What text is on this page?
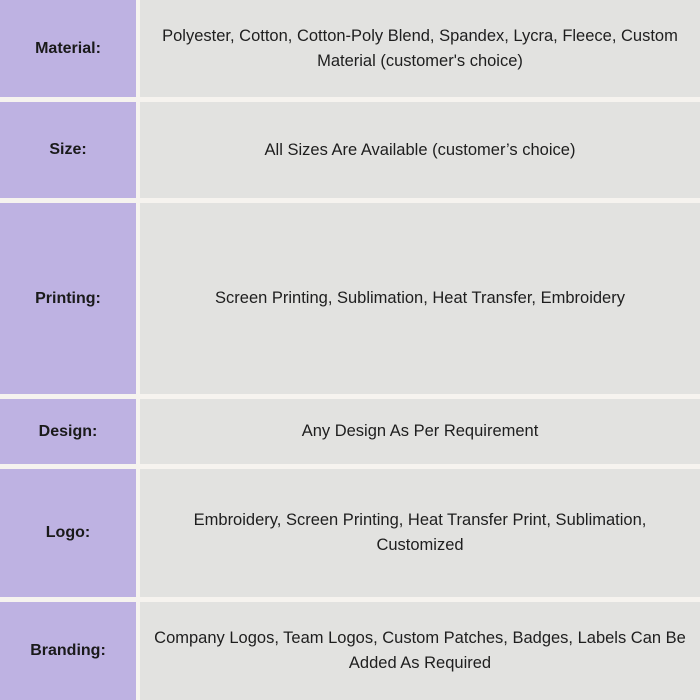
Material:
Polyester, Cotton, Cotton-Poly Blend, Spandex, Lycra, Fleece, Custom Material (customer's choice)
Size:	All Sizes Are Available (customer’s choice)
Printing:	Screen Printing, Sublimation, Heat Transfer, Embroidery
Design:	Any Design As Per Requirement
Logo:
Embroidery, Screen Printing, Heat Transfer Print, Sublimation, Customized
Branding:
Company Logos, Team Logos, Custom Patches, Badges, Labels Can Be Added As Required
